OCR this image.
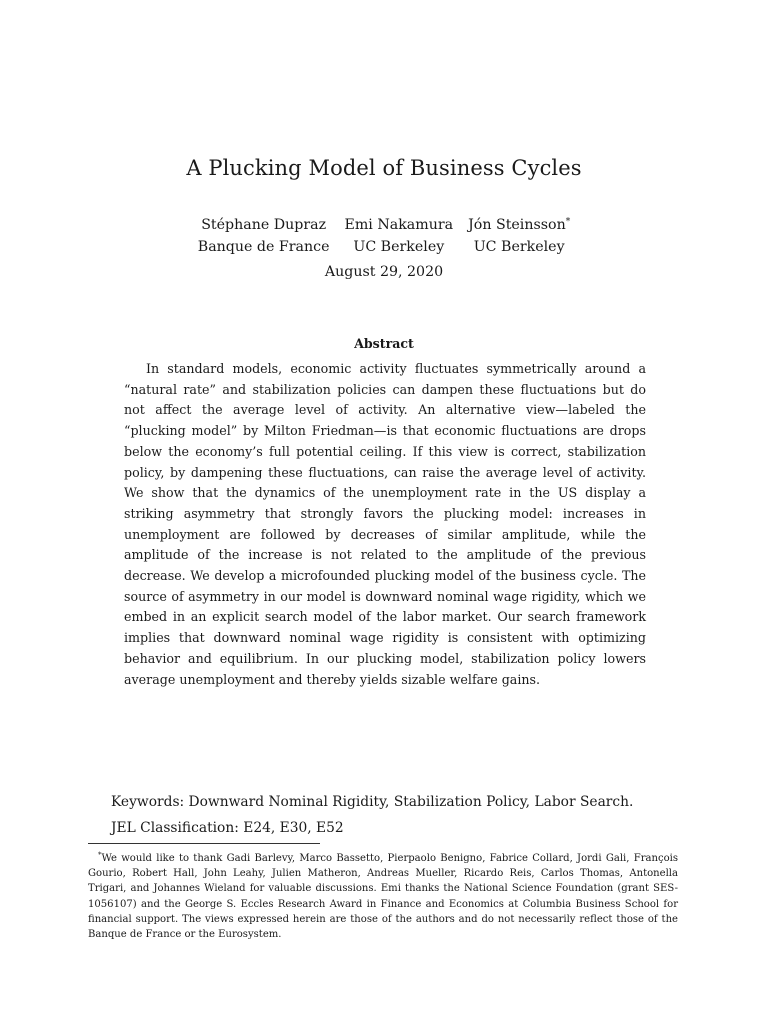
A Plucking Model of Business Cycles
Stéphane Dupraz
Banque de France
Emi Nakamura
UC Berkeley
Jón Steinsson*
UC Berkeley
August 29, 2020
Abstract

In standard models, economic activity fluctuates symmetrically around a “natural rate” and stabilization policies can dampen these fluctuations but do not affect the average level of activity. An alternative view—labeled the “plucking model” by Milton Friedman—is that economic fluctuations are drops below the economy’s full potential ceiling. If this view is correct, stabilization policy, by dampening these fluctuations, can raise the average level of activity. We show that the dynamics of the unemployment rate in the US display a striking asymmetry that strongly favors the plucking model: increases in unemployment are followed by decreases of similar amplitude, while the amplitude of the increase is not related to the amplitude of the previous decrease. We develop a microfounded plucking model of the business cycle. The source of asymmetry in our model is downward nominal wage rigidity, which we embed in an explicit search model of the labor market. Our search framework implies that downward nominal wage rigidity is consistent with optimizing behavior and equilibrium. In our plucking model, stabilization policy lowers average unemployment and thereby yields sizable welfare gains.

Keywords: Downward Nominal Rigidity, Stabilization Policy, Labor Search.

JEL Classification: E24, E30, E52

*We would like to thank Gadi Barlevy, Marco Bassetto, Pierpaolo Benigno, Fabrice Collard, Jordi Gali, François Gourio, Robert Hall, John Leahy, Julien Matheron, Andreas Mueller, Ricardo Reis, Carlos Thomas, Antonella Trigari, and Johannes Wieland for valuable discussions. Emi thanks the National Science Foundation (grant SES-1056107) and the George S. Eccles Research Award in Finance and Economics at Columbia Business School for financial support. The views expressed herein are those of the authors and do not necessarily reflect those of the Banque de France or the Eurosystem.
